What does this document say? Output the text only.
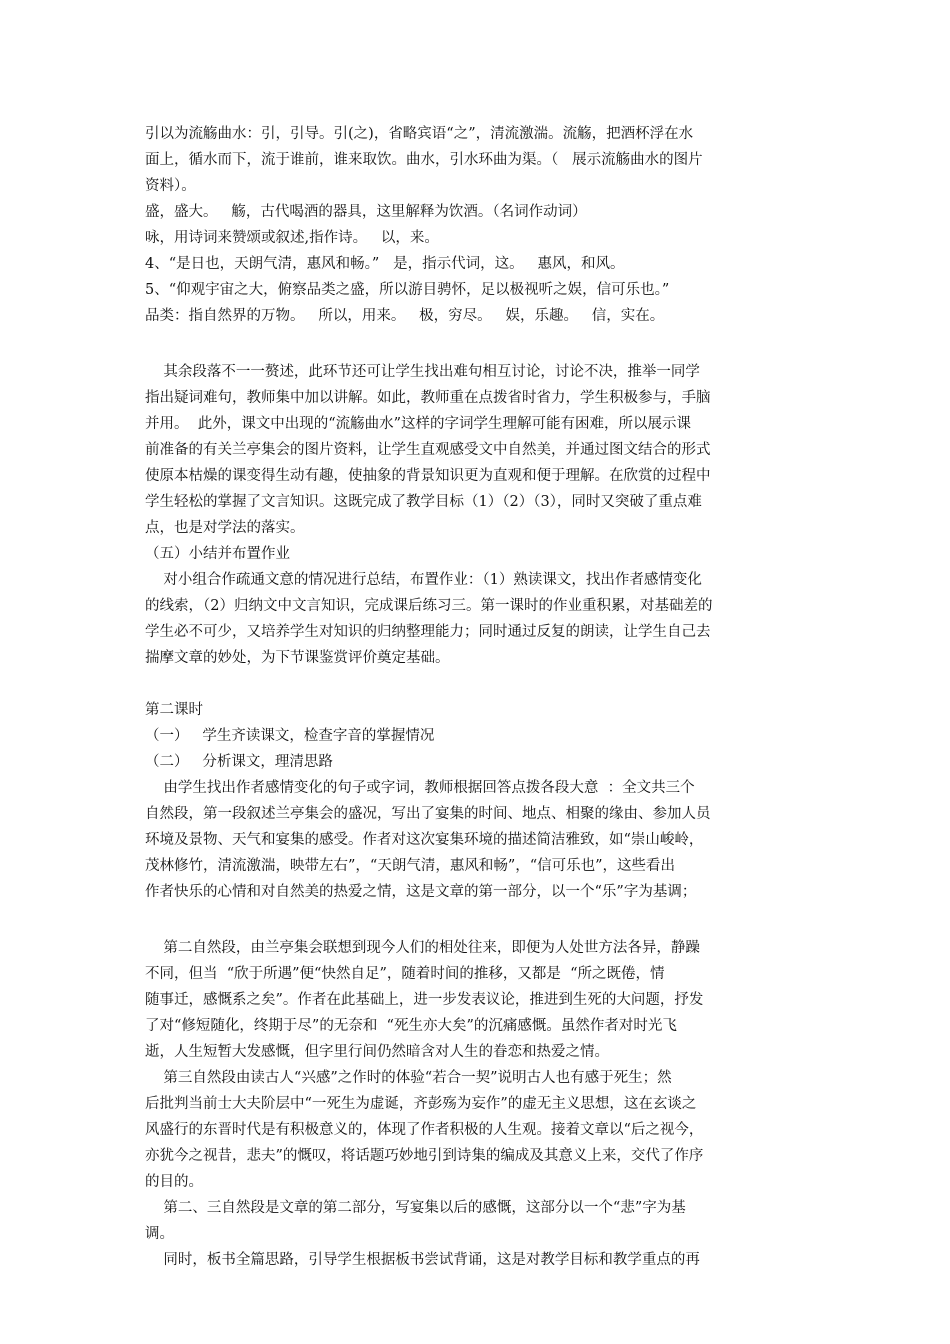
引以为流觞曲水：引，引导。引(之)，省略宾语“之”，清流激湍。流觞，把酒杯浮在水
面上，循水而下，流于谁前，谁来取饮。曲水，引水环曲为渠。（   展示流觞曲水的图片
资料）。
盛，盛大。   觞，古代喝酒的器具，这里解释为饮酒。（名词作动词）
咏，用诗词来赞颂或叙述,指作诗。   以，来。
4、“是日也，天朗气清，惠风和畅。”   是，指示代词，这。   惠风，和风。
5、“仰观宇宙之大，俯察品类之盛，所以游目骋怀，足以极视听之娱，信可乐也。”
品类：指自然界的万物。   所以，用来。   极，穷尽。   娱，乐趣。   信，实在。
其余段落不一一赘述，此环节还可让学生找出难句相互讨论，讨论不决，推举一同学
指出疑词难句，教师集中加以讲解。如此，教师重在点拨省时省力，学生积极参与，手脑
并用。  此外，课文中出现的“流觞曲水”这样的字词学生理解可能有困难，所以展示课
前准备的有关兰亭集会的图片资料，让学生直观感受文中自然美，并通过图文结合的形式
使原本枯燥的课变得生动有趣，使抽象的背景知识更为直观和便于理解。在欣赏的过程中
学生轻松的掌握了文言知识。这既完成了教学目标（1）（2）（3），同时又突破了重点难
点，也是对学法的落实。
（五）小结并布置作业
对小组合作疏通文意的情况进行总结，布置作业：（1）熟读课文，找出作者感情变化
的线索，（2）归纳文中文言知识，完成课后练习三。第一课时的作业重积累，对基础差的
学生必不可少，又培养学生对知识的归纳整理能力；同时通过反复的朗读，让学生自己去
揣摩文章的妙处，为下节课鉴赏评价奠定基础。
第二课时
（一）   学生齐读课文，检查字音的掌握情况
（二）   分析课文，理清思路
由学生找出作者感情变化的句子或字词，教师根据回答点拨各段大意  ：全文共三个
自然段，第一段叙述兰亭集会的盛况，写出了宴集的时间、地点、相聚的缘由、参加人员
环境及景物、天气和宴集的感受。作者对这次宴集环境的描述简洁雅致，如“崇山峻岭，
茂林修竹，清流激湍，映带左右”，“天朗气清，惠风和畅”，“信可乐也”，这些看出
作者快乐的心情和对自然美的热爱之情，这是文章的第一部分，以一个“乐”字为基调；
第二自然段，由兰亭集会联想到现今人们的相处往来，即便为人处世方法各异，静躁
不同，但当  “欣于所遇”便“快然自足”，随着时间的推移，又都是  “所之既倦，情
随事迁，感慨系之矣”。作者在此基础上，进一步发表议论，推进到生死的大问题，抒发
了对“修短随化，终期于尽”的无奈和  “死生亦大矣”的沉痛感慨。虽然作者对时光飞
逝，人生短暂大发感慨，但字里行间仍然暗含对人生的眷恋和热爱之情。
第三自然段由读古人“兴感”之作时的体验“若合一契”说明古人也有感于死生；然
后批判当前士大夫阶层中“一死生为虚诞，齐彭殇为妄作”的虚无主义思想，这在玄谈之
风盛行的东晋时代是有积极意义的，体现了作者积极的人生观。接着文章以“后之视今，
亦犹今之视昔，悲夫”的慨叹，将话题巧妙地引到诗集的编成及其意义上来，交代了作序
的目的。
第二、三自然段是文章的第二部分，写宴集以后的感慨，这部分以一个“悲”字为基
调。
同时，板书全篇思路，引导学生根据板书尝试背诵，这是对教学目标和教学重点的再
